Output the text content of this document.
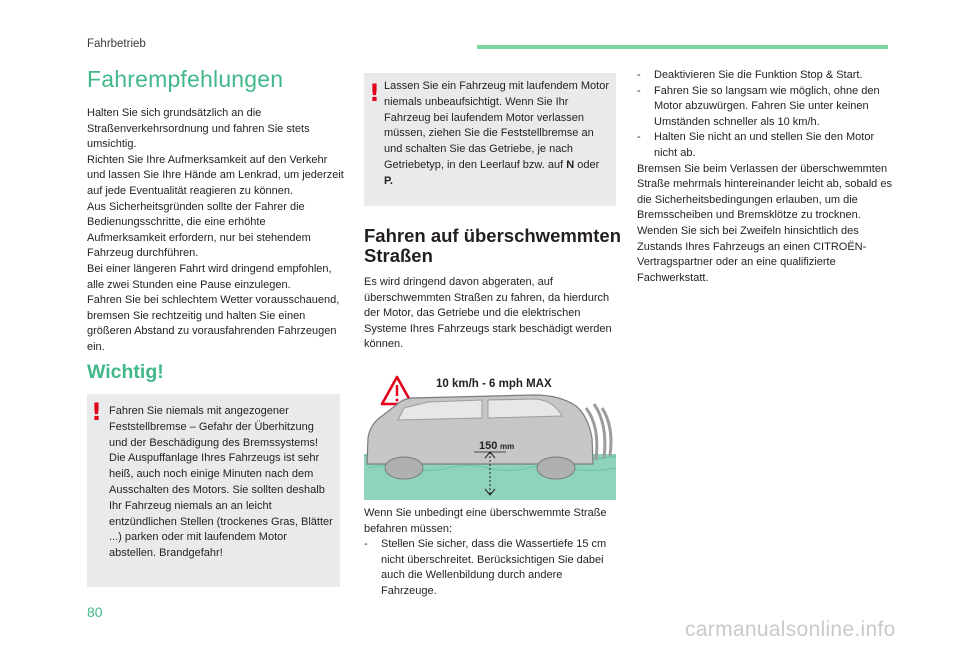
Fahrbetrieb
Fahrempfehlungen

Halten Sie sich grundsätzlich an die Straßenverkehrsordnung und fahren Sie stets umsichtig.

Richten Sie Ihre Aufmerksamkeit auf den Verkehr und lassen Sie Ihre Hände am Lenkrad, um jederzeit auf jede Eventualität reagieren zu können.

Aus Sicherheitsgründen sollte der Fahrer die Bedienungsschritte, die eine erhöhte Aufmerksamkeit erfordern, nur bei stehendem Fahrzeug durchführen.

Bei einer längeren Fahrt wird dringend empfohlen, alle zwei Stunden eine Pause einzulegen.

Fahren Sie bei schlechtem Wetter vorausschauend, bremsen Sie rechtzeitig und halten Sie einen größeren Abstand zu vorausfahrenden Fahrzeugen ein.

Wichtig!
! Fahren Sie niemals mit angezogener Feststellbremse – Gefahr der Überhitzung und der Beschädigung des Bremssystems!

Die Auspuffanlage Ihres Fahrzeugs ist sehr heiß, auch noch einige Minuten nach dem Ausschalten des Motors. Sie sollten deshalb Ihr Fahrzeug niemals an an leicht entzündlichen Stellen (trockenes Gras, Blätter ...) parken oder mit laufendem Motor abstellen. Brandgefahr!

! Lassen Sie ein Fahrzeug mit laufendem Motor niemals unbeaufsichtigt. Wenn Sie Ihr Fahrzeug bei laufendem Motor verlassen müssen, ziehen Sie die Feststellbremse an und schalten Sie das Getriebe, je nach Getriebetyp, in den Leerlauf bzw. auf N oder P.
Fahren auf überschwemmten Straßen

Es wird dringend davon abgeraten, auf überschwemmten Straßen zu fahren, da hierdurch der Motor, das Getriebe und die elektrischen Systeme Ihres Fahrzeugs stark beschädigt werden können.

10 km/h - 6 mph MAX
150 mm

Wenn Sie unbedingt eine überschwemmte Straße befahren müssen:

- Stellen Sie sicher, dass die Wassertiefe 15 cm nicht überschreitet. Berücksichtigen Sie dabei auch die Wellenbildung durch andere Fahrzeuge.
- Deaktivieren Sie die Funktion Stop & Start.
- Fahren Sie so langsam wie möglich, ohne den Motor abzuwürgen. Fahren Sie unter keinen Umständen schneller als 10 km/h.
- Halten Sie nicht an und stellen Sie den Motor nicht ab.

Bremsen Sie beim Verlassen der überschwemmten Straße mehrmals hintereinander leicht ab, sobald es die Sicherheitsbedingungen erlauben, um die Bremsscheiben und Bremsklötze zu trocknen.

Wenden Sie sich bei Zweifeln hinsichtlich des Zustands Ihres Fahrzeugs an einen CITROËN-Vertragspartner oder an eine qualifizierte Fachwerkstatt.

80
carmanualsonline.info
